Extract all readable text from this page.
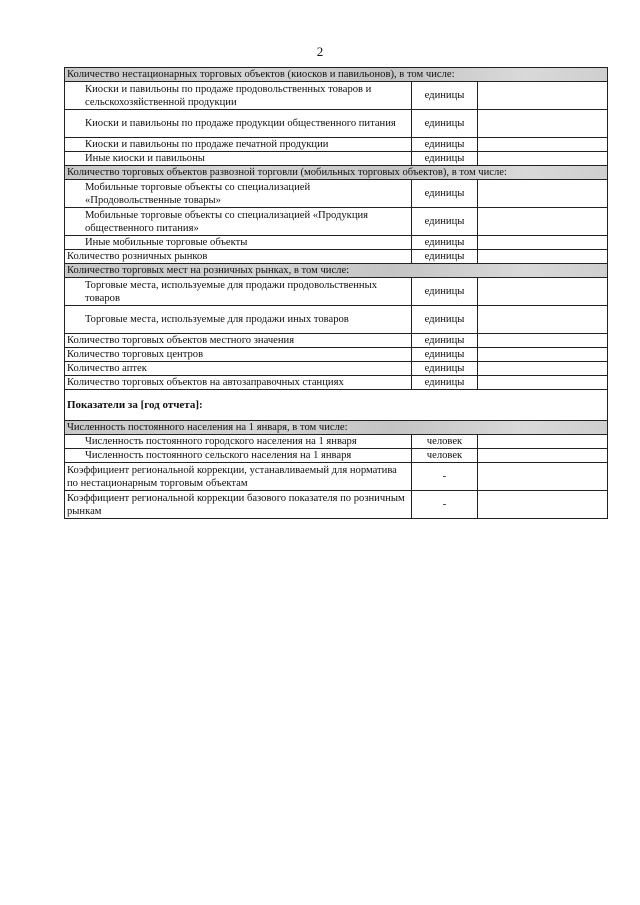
2
Количество нестационарных торговых объектов (киосков и павильонов), в том числе:		
Киоски и павильоны по продаже продовольственных товаров и сельскохозяйственной продукции	единицы	
Киоски и павильоны по продаже продукции общественного питания	единицы	
Киоски и павильоны по продаже печатной продукции	единицы	
Иные киоски и павильоны	единицы	
Количество торговых объектов развозной торговли (мобильных торговых объектов), в том числе:		
Мобильные торговые объекты со специализацией «Продовольственные товары»	единицы	
Мобильные торговые объекты со специализацией «Продукция общественного питания»	единицы	
Иные мобильные торговые объекты	единицы	
Количество розничных рынков	единицы	
Количество торговых мест на розничных рынках, в том числе:		
Торговые места, используемые для продажи продовольственных товаров	единицы	
Торговые места, используемые для продажи иных товаров	единицы	
Количество торговых объектов местного значения	единицы	
Количество торговых центров	единицы	
Количество аптек	единицы	
Количество торговых объектов на автозаправочных станциях	единицы	
Показатели за [год отчета]:		
Численность постоянного населения на 1 января, в том числе:		
Численность постоянного городского населения на 1 января	человек	
Численность постоянного сельского населения на 1 января	человек	
Коэффициент региональной коррекции, устанавливаемый для норматива по нестационарным торговым объектам	-	
Коэффициент региональной коррекции базового показателя по розничным рынкам	-	
